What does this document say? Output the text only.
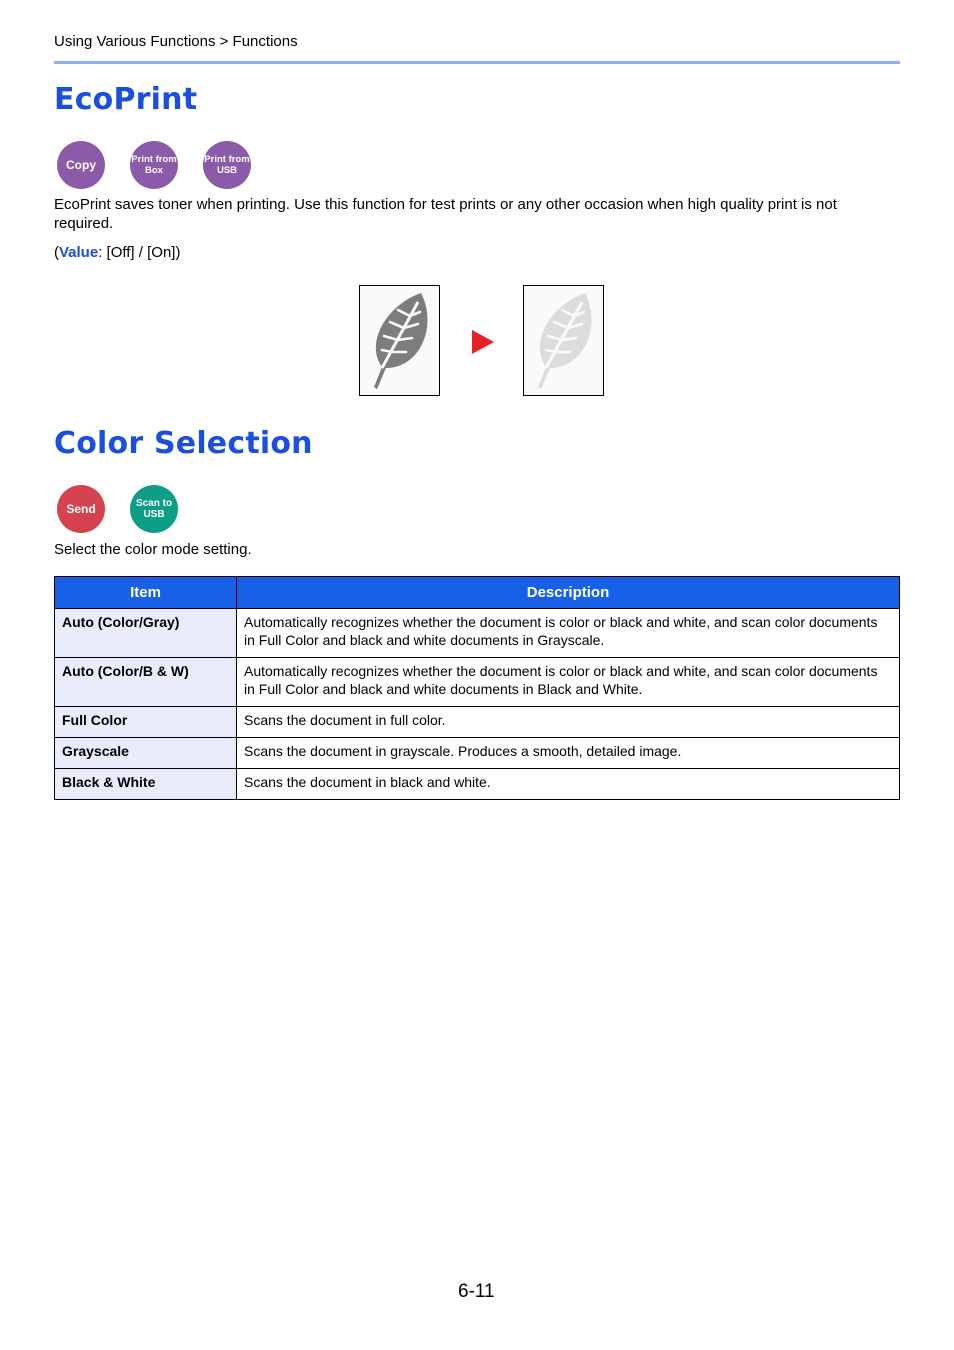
Using Various Functions > Functions
EcoPrint
Copy	Print from
Box
Print from
USB

EcoPrint saves toner when printing. Use this function for test prints or any other occasion when high quality print is not required.

(Value: [Off] / [On])

Color Selection
Send	Scan to
USB

Select the color mode setting.

Item	Description
Auto (Color/Gray)	Automatically recognizes whether the document is color or black and white, and scan color documents in Full Color and black and white documents in Grayscale.
Auto (Color/B & W)	Automatically recognizes whether the document is color or black and white, and scan color documents in Full Color and black and white documents in Black and White.
Full Color	Scans the document in full color.
Grayscale	Scans the document in grayscale. Produces a smooth, detailed image.
Black & White	Scans the document in black and white.
6-11
